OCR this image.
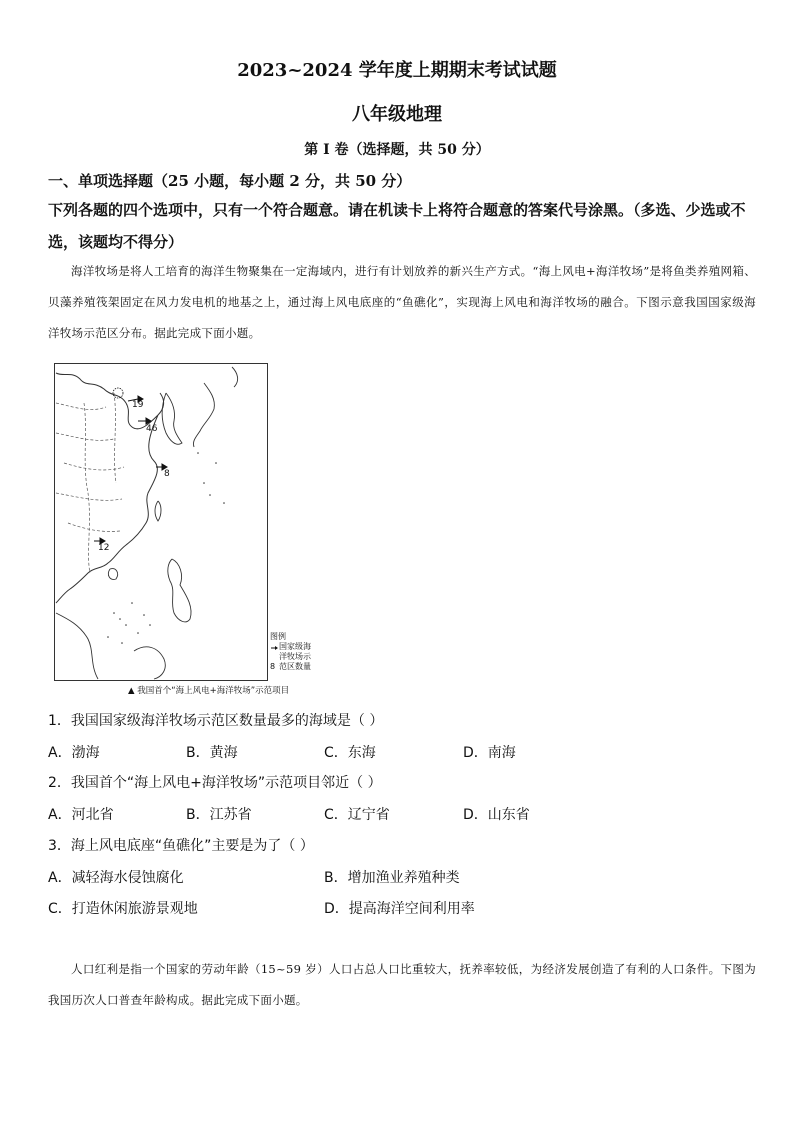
2023~2024 学年度上期期末考试试题
八年级地理
第 I 卷（选择题，共 50 分）
一、单项选择题（25 小题，每小题 2 分，共 50 分）
下列各题的四个选项中，只有一个符合题意。请在机读卡上将符合题意的答案代号涂黑。（多选、少选或不选，该题均不得分）
海洋牧场是将人工培育的海洋生物聚集在一定海域内，进行有计划放养的新兴生产方式。“海上风电+海洋牧场”是将鱼类养殖网箱、贝藻养殖筏架固定在风力发电机的地基之上，通过海上风电底座的“鱼礁化”，实现海上风电和海洋牧场的融合。下图示意我国国家级海洋牧场示范区分布。据此完成下面小题。
19
46
8
12
图例
8
国家级海
洋牧场示
范区数量
▲ 我国首个“海上风电+海洋牧场”示范项目
1．我国国家级海洋牧场示范区数量最多的海域是（ ）
A．渤海	B．黄海	C．东海	D．南海
2．我国首个“海上风电+海洋牧场”示范项目邻近（ ）
A．河北省	B．江苏省	C．辽宁省	D．山东省
3．海上风电底座“鱼礁化”主要是为了（ ）
A．减轻海水侵蚀腐化	B．增加渔业养殖种类
C．打造休闲旅游景观地	D．提高海洋空间利用率
人口红利是指一个国家的劳动年龄（15~59 岁）人口占总人口比重较大，抚养率较低，为经济发展创造了有利的人口条件。下图为我国历次人口普查年龄构成。据此完成下面小题。
